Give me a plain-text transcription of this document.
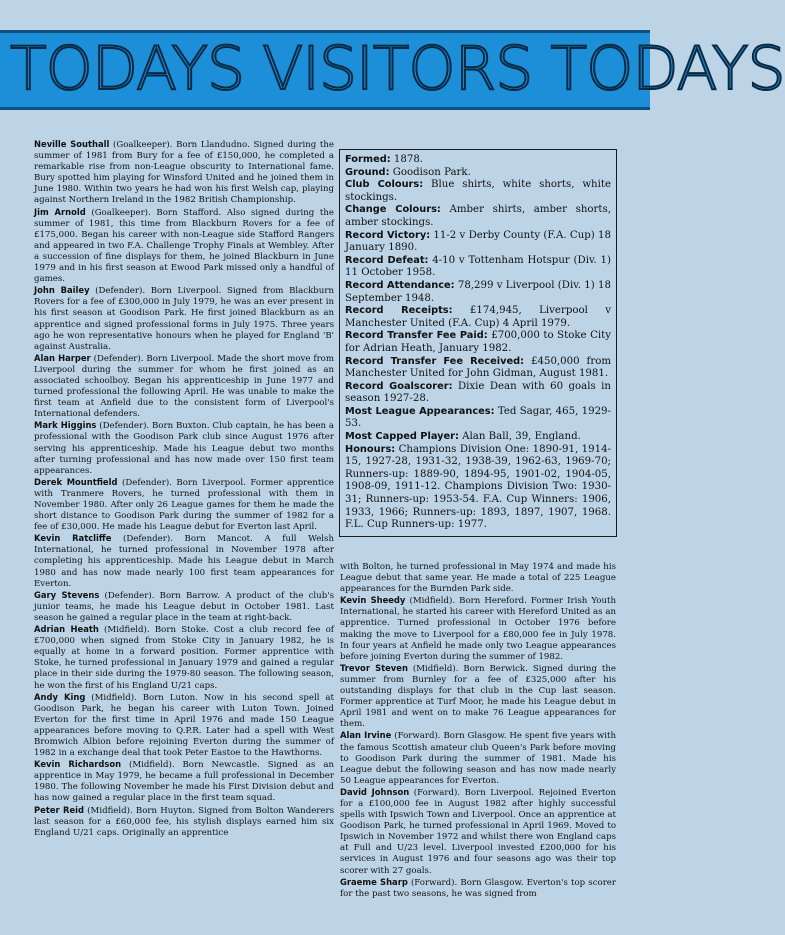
TODAYS VISITORS TODAYS

Neville Southall (Goalkeeper). Born Llandudno. Signed during the summer of 1981 from Bury for a fee of £150,000, he completed a remarkable rise from non-League obscurity to International fame. Bury spotted him playing for Winsford United and he joined them in June 1980. Within two years he had won his first Welsh cap, playing against Northern Ireland in the 1982 British Championship.

Jim Arnold (Goalkeeper). Born Stafford. Also signed during the summer of 1981, this time from Blackburn Rovers for a fee of £175,000. Began his career with non-League side Stafford Rangers and appeared in two F.A. Challenge Trophy Finals at Wembley. After a succession of fine displays for them, he joined Blackburn in June 1979 and in his first season at Ewood Park missed only a handful of games.

John Bailey (Defender). Born Liverpool. Signed from Blackburn Rovers for a fee of £300,000 in July 1979, he was an ever present in his first season at Goodison Park. He first joined Blackburn as an apprentice and signed professional forms in July 1975. Three years ago he won representative honours when he played for England 'B' against Australia.

Alan Harper (Defender). Born Liverpool. Made the short move from Liverpool during the summer for whom he first joined as an associated schoolboy. Began his apprenticeship in June 1977 and turned professional the following April. He was unable to make the first team at Anfield due to the consistent form of Liverpool's International defenders.

Mark Higgins (Defender). Born Buxton. Club captain, he has been a professional with the Goodison Park club since August 1976 after serving his apprenticeship. Made his League debut two months after turning professional and has now made over 150 first team appearances.

Derek Mountfield (Defender). Born Liverpool. Former apprentice with Tranmere Rovers, he turned professional with them in November 1980. After only 26 League games for them he made the short distance to Goodison Park during the summer of 1982 for a fee of £30,000. He made his League debut for Everton last April.

Kevin Ratcliffe (Defender). Born Mancot. A full Welsh International, he turned professional in November 1978 after completing his apprenticeship. Made his League debut in March 1980 and has now made nearly 100 first team appearances for Everton.

Gary Stevens (Defender). Born Barrow. A product of the club's junior teams, he made his League debut in October 1981. Last season he gained a regular place in the team at right-back.

Adrian Heath (Midfield). Born Stoke. Cost a club record fee of £700,000 when signed from Stoke City in January 1982, he is equally at home in a forward position. Former apprentice with Stoke, he turned professional in January 1979 and gained a regular place in their side during the 1979-80 season. The following season, he won the first of his England U/21 caps.

Andy King (Midfield). Born Luton. Now in his second spell at Goodison Park, he began his career with Luton Town. Joined Everton for the first time in April 1976 and made 150 League appearances before moving to Q.P.R. Later had a spell with West Bromwich Albion before rejoining Everton during the summer of 1982 in a exchange deal that took Peter Eastoe to the Hawthorns.

Kevin Richardson (Midfield). Born Newcastle. Signed as an apprentice in May 1979, he became a full professional in December 1980. The following November he made his First Division debut and has now gained a regular place in the first team squad.

Peter Reid (Midfield). Born Huyton. Signed from Bolton Wanderers last season for a £60,000 fee, his stylish displays earned him six England U/21 caps. Originally an apprentice

Formed: 1878.

Ground: Goodison Park.

Club Colours: Blue shirts, white shorts, white stockings.

Change Colours: Amber shirts, amber shorts, amber stockings.

Record Victory: 11-2 v Derby County (F.A. Cup) 18 January 1890.

Record Defeat: 4-10 v Tottenham Hotspur (Div. 1) 11 October 1958.

Record Attendance: 78,299 v Liverpool (Div. 1) 18 September 1948.

Record Receipts: £174,945, Liverpool v Manchester United (F.A. Cup) 4 April 1979.

Record Transfer Fee Paid: £700,000 to Stoke City for Adrian Heath, January 1982.

Record Transfer Fee Received: £450,000 from Manchester United for John Gidman, August 1981.

Record Goalscorer: Dixie Dean with 60 goals in season 1927-28.

Most League Appearances: Ted Sagar, 465, 1929-53.

Most Capped Player: Alan Ball, 39, England.

Honours: Champions Division One: 1890-91, 1914-15, 1927-28, 1931-32, 1938-39, 1962-63, 1969-70; Runners-up: 1889-90, 1894-95, 1901-02, 1904-05, 1908-09, 1911-12. Champions Division Two: 1930-31; Runners-up: 1953-54. F.A. Cup Winners: 1906, 1933, 1966; Runners-up: 1893, 1897, 1907, 1968. F.L. Cup Runners-up: 1977.

with Bolton, he turned professional in May 1974 and made his League debut that same year. He made a total of 225 League appearances for the Burnden Park side.

Kevin Sheedy (Midfield). Born Hereford. Former Irish Youth International, he started his career with Hereford United as an apprentice. Turned professional in October 1976 before making the move to Liverpool for a £80,000 fee in July 1978. In four years at Anfield he made only two League appearances before joining Everton during the summer of 1982.

Trevor Steven (Midfield). Born Berwick. Signed during the summer from Burnley for a fee of £325,000 after his outstanding displays for that club in the Cup last season. Former apprentice at Turf Moor, he made his League debut in April 1981 and went on to make 76 League appearances for them.

Alan Irvine (Forward). Born Glasgow. He spent five years with the famous Scottish amateur club Queen's Park before moving to Goodison Park during the summer of 1981. Made his League debut the following season and has now made nearly 50 League appearances for Everton.

David Johnson (Forward). Born Liverpool. Rejoined Everton for a £100,000 fee in August 1982 after highly successful spells with Ipswich Town and Liverpool. Once an apprentice at Goodison Park, he turned professional in April 1969. Moved to Ipswich in November 1972 and whilst there won England caps at Full and U/23 level. Liverpool invested £200,000 for his services in August 1976 and four seasons ago was their top scorer with 27 goals.

Graeme Sharp (Forward). Born Glasgow. Everton's top scorer for the past two seasons, he was signed from
